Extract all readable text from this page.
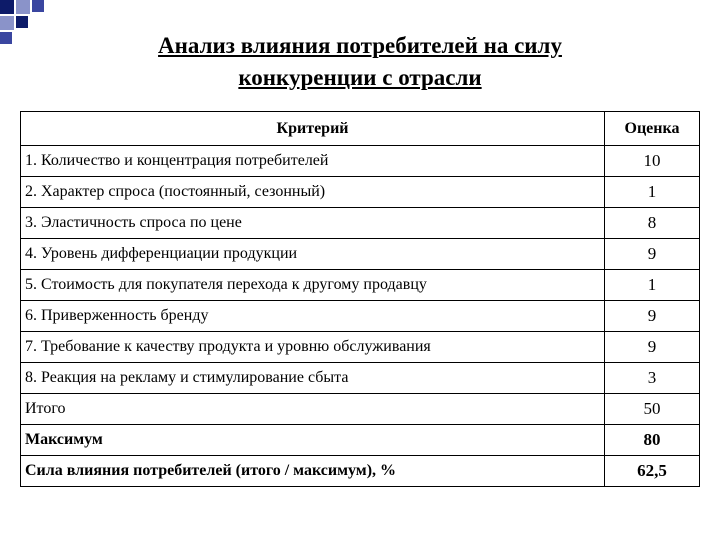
Анализ влияния потребителей на силу
конкуренции с отрасли
Критерий	Оценка
1. Количество и концентрация потребителей	10
2. Характер спроса (постоянный, сезонный)	1
3. Эластичность спроса по цене	8
4. Уровень дифференциации продукции	9
5. Стоимость для покупателя перехода к другому продавцу	1
6. Приверженность бренду	9
7. Требование к качеству продукта и уровню обслуживания	9
8. Реакция на рекламу и стимулирование сбыта	3
Итого	50
Максимум	80
Сила влияния потребителей (итого / максимум), %	62,5
